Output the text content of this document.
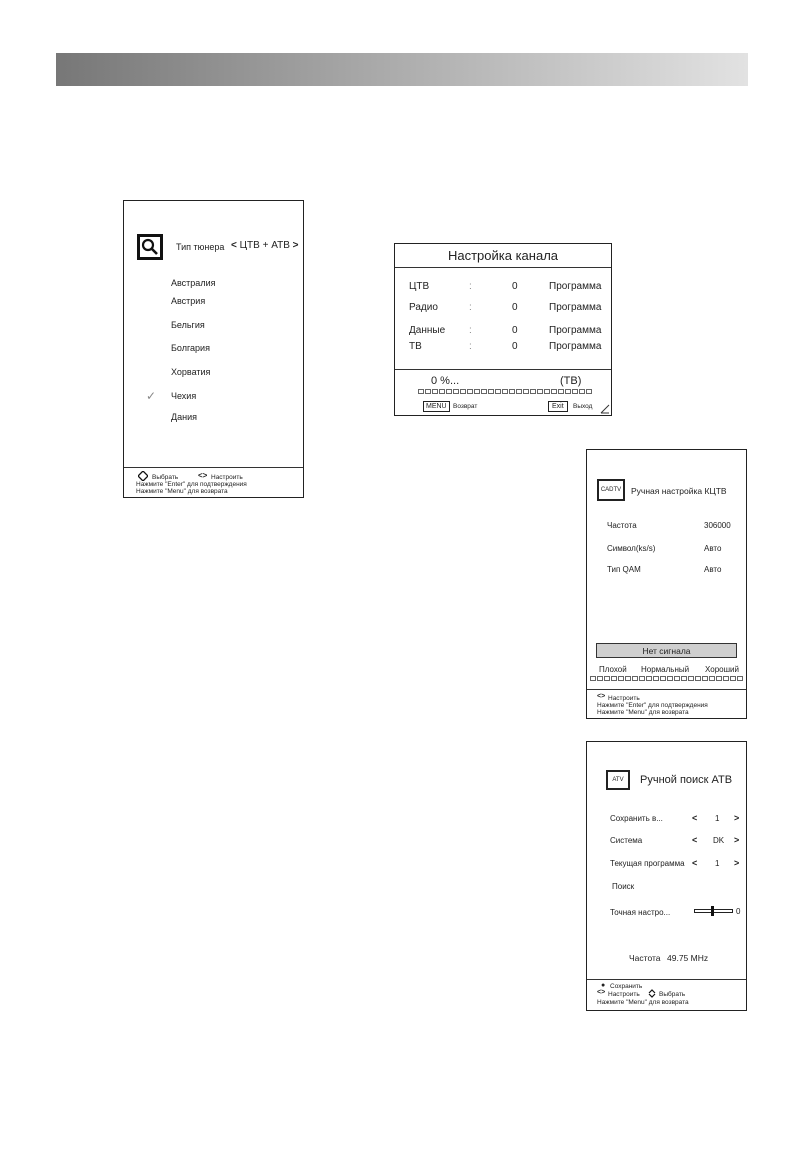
Тип тюнера < ЦТВ + АТВ >
Австралия
Австрия
Бельгия
Болгария
Хорватия
✓ Чехия
Дания
Выбрать <> Настроить
Нажмите "Enter" для подтверждения
Нажмите "Menu" для возврата
Настройка канала
ЦТВ	:	0	Программа
Радио	:	0	Программа
Данные :	0	Программа
ТВ	:	0	Программа
0 %...	(ТВ)
MENU Возврат	Exit	Выход
CADTV	Ручная настройка КЦТВ
Частота	306000
Символ(ks/s)	Авто
Тип QAM	Авто
Нет сигнала
Плохой Нормальный Хороший
<> Настроить
Нажмите "Enter" для подтверждения
Нажмите "Menu" для возврата
ATV	Ручной поиск АТВ
Сохранить в...	< 1 >
Система	< DK >
Текущая программа < 1 >
Поиск
Точная настро...	0
Частота 49.75 MHz
● Сохранить
<> Настроить	Выбрать
Нажмите "Menu" для возврата
